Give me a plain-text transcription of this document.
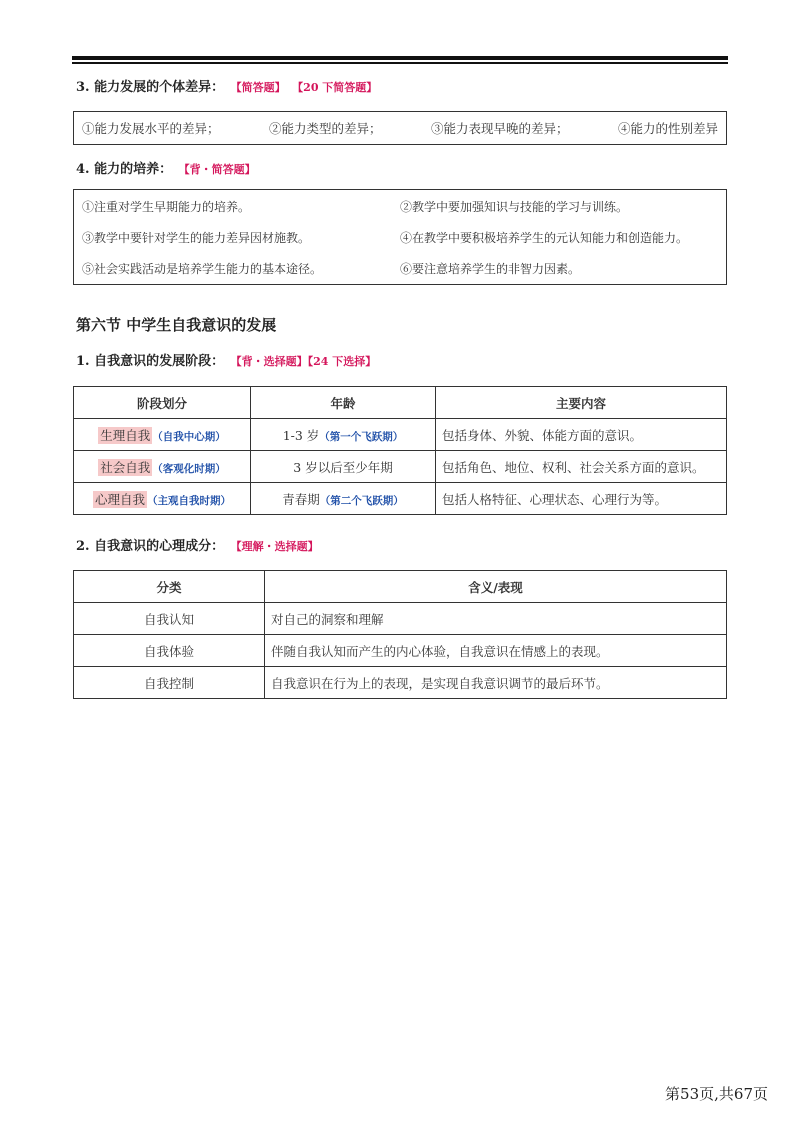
3. 能力发展的个体差异： 【简答题】 【20 下简答题】
①能力发展水平的差异；	②能力类型的差异；	③能力表现早晚的差异；	④能力的性别差异
4. 能力的培养： 【背・简答题】
①注重对学生早期能力的培养。	②教学中要加强知识与技能的学习与训练。
③教学中要针对学生的能力差异因材施教。	④在教学中要积极培养学生的元认知能力和创造能力。
⑤社会实践活动是培养学生能力的基本途径。	⑥要注意培养学生的非智力因素。
第六节 中学生自我意识的发展
1. 自我意识的发展阶段： 【背・选择题】【24 下选择】
阶段划分	年龄	主要内容
生理自我 （自我中心期）	1-3 岁（第一个飞跃期）	包括身体、外貌、体能方面的意识。
社会自我 （客观化时期）	3 岁以后至少年期	包括角色、地位、权利、社会关系方面的意识。
心理自我 （主观自我时期）	青春期（第二个飞跃期）	包括人格特征、心理状态、心理行为等。
2. 自我意识的心理成分： 【理解・选择题】
分类	含义/表现
自我认知	对自己的洞察和理解
自我体验	伴随自我认知而产生的内心体验，自我意识在情感上的表现。
自我控制	自我意识在行为上的表现，是实现自我意识调节的最后环节。
第53页,共67页
